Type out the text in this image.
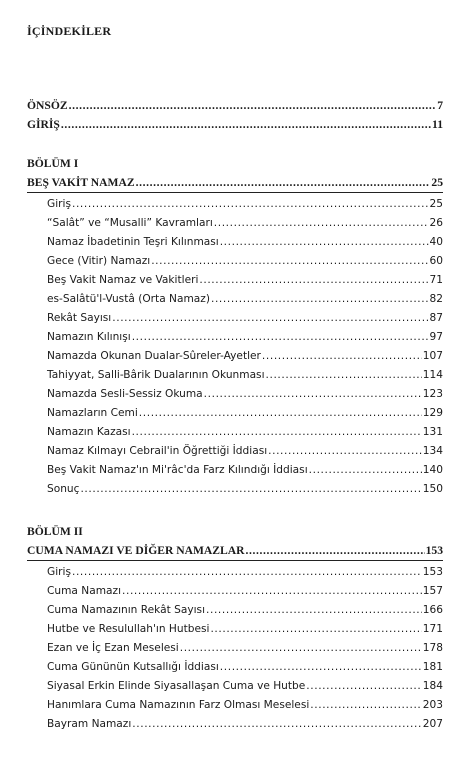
İÇİNDEKİLER
ÖNSÖZ .....	7
GİRİŞ .....	11
BÖLÜM I
BEŞ VAKİT NAMAZ .....	25
Giriş .....	25
“Salât” ve “Musalli” Kavramları .....	26
Namaz İbadetinin Teşri Kılınması .....	40
Gece (Vitir) Namazı .....	60
Beş Vakit Namaz ve Vakitleri .....	71
es-Salâtü'l-Vustâ (Orta Namaz) .....	82
Rekât Sayısı .....	87
Namazın Kılınışı .....	97
Namazda Okunan Dualar-Sûreler-Ayetler .....	107
Tahiyyat, Salli-Bârik Dualarının Okunması .....	114
Namazda Sesli-Sessiz Okuma .....	123
Namazların Cemi .....	129
Namazın Kazası .....	131
Namaz Kılmayı Cebrail'in Öğrettiği İddiası .....	134
Beş Vakit Namaz'ın Mi'râc'da Farz Kılındığı İddiası .....	140
Sonuç .....	150
BÖLÜM II
CUMA NAMAZI VE DİĞER NAMAZLAR .....	153
Giriş .....	153
Cuma Namazı .....	157
Cuma Namazının Rekât Sayısı .....	166
Hutbe ve Resulullah'ın Hutbesi .....	171
Ezan ve İç Ezan Meselesi .....	178
Cuma Gününün Kutsallığı İddiası .....	181
Siyasal Erkin Elinde Siyasallaşan Cuma ve Hutbe .....	184
Hanımlara Cuma Namazının Farz Olması Meselesi .....	203
Bayram Namazı .....	207
